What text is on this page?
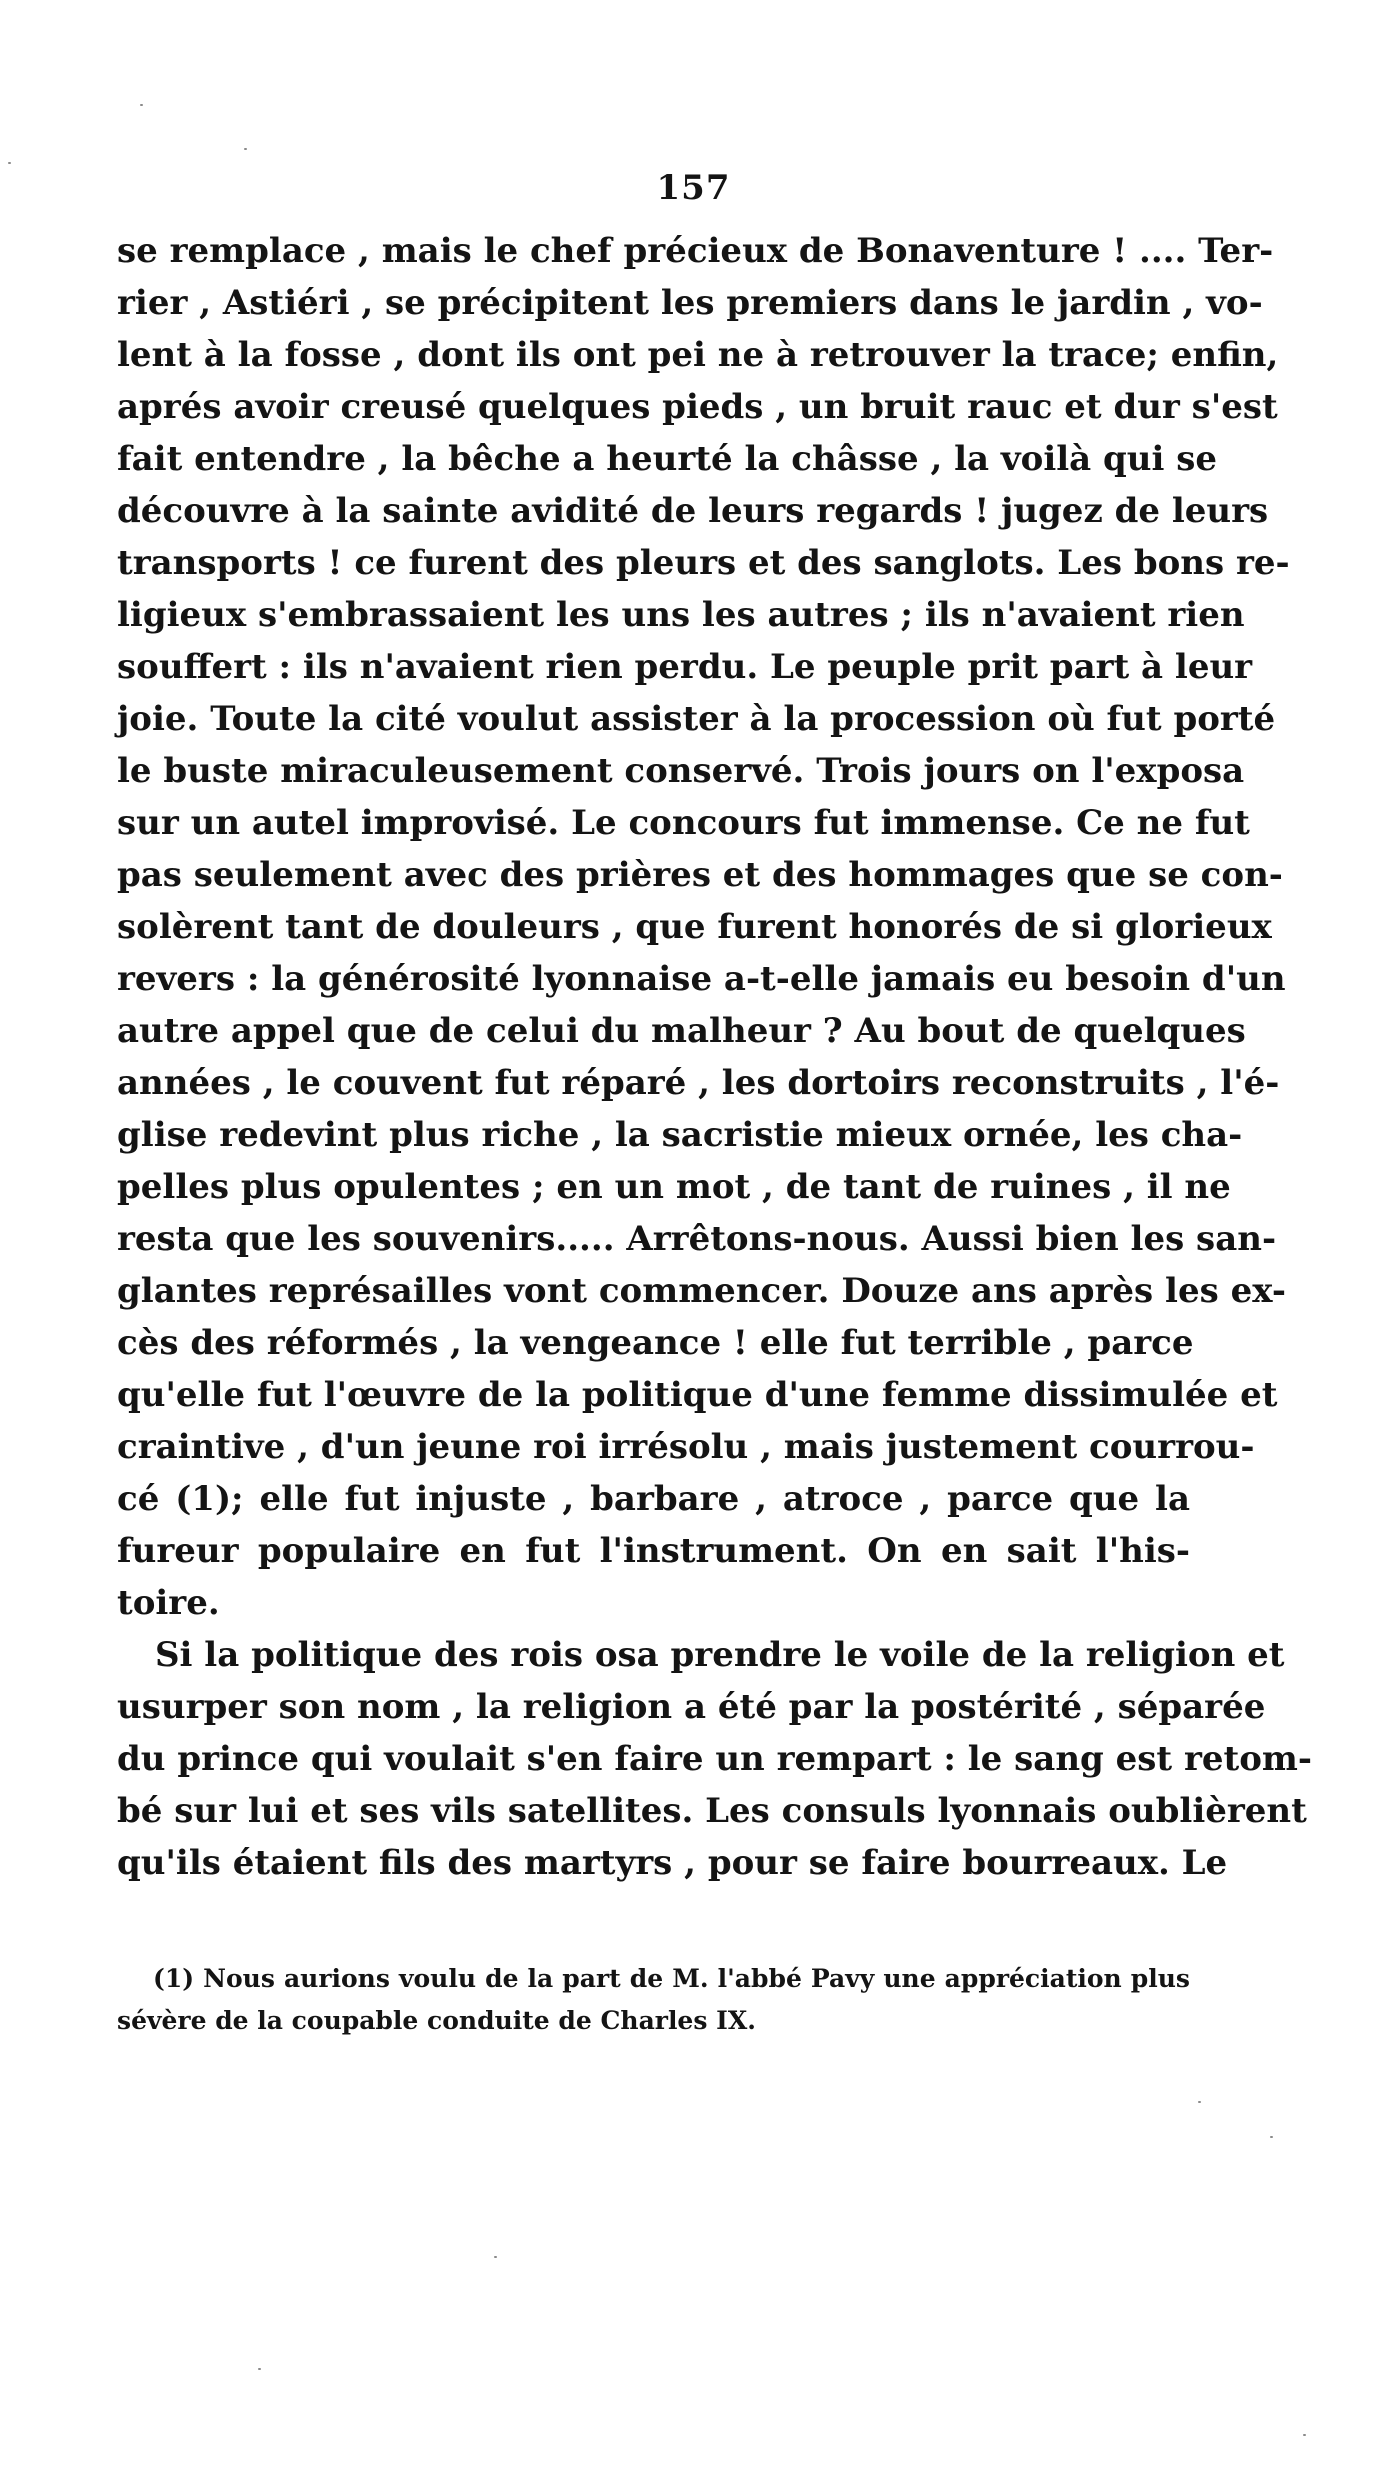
157
se remplace , mais le chef précieux de Bonaventure ! .... Ter-
rier , Astiéri , se précipitent les premiers dans le jardin , vo-
lent à la fosse , dont ils ont pei ne à retrouver la trace; enfin,
aprés avoir creusé quelques pieds , un bruit rauc et dur s'est
fait entendre , la bêche a heurté la châsse , la voilà qui se
découvre à la sainte avidité de leurs regards ! jugez de leurs
transports ! ce furent des pleurs et des sanglots. Les bons re-
ligieux s'embrassaient les uns les autres ; ils n'avaient rien
souffert : ils n'avaient rien perdu. Le peuple prit part à leur
joie. Toute la cité voulut assister à la procession où fut porté
le buste miraculeusement conservé. Trois jours on l'exposa
sur un autel improvisé. Le concours fut immense. Ce ne fut
pas seulement avec des prières et des hommages que se con-
solèrent tant de douleurs , que furent honorés de si glorieux
revers : la générosité lyonnaise a-t-elle jamais eu besoin d'un
autre appel que de celui du malheur ? Au bout de quelques
années , le couvent fut réparé , les dortoirs reconstruits , l'é-
glise redevint plus riche , la sacristie mieux ornée, les cha-
pelles plus opulentes ; en un mot , de tant de ruines , il ne
resta que les souvenirs..... Arrêtons-nous. Aussi bien les san-
glantes représailles vont commencer. Douze ans après les ex-
cès des réformés , la vengeance ! elle fut terrible , parce
qu'elle fut l'œuvre de la politique d'une femme dissimulée et
craintive , d'un jeune roi irrésolu , mais justement courrou-
cé (1); elle fut injuste , barbare , atroce , parce que la
fureur populaire en fut l'instrument. On en sait l'his-
toire.
Si la politique des rois osa prendre le voile de la religion et
usurper son nom , la religion a été par la postérité , séparée
du prince qui voulait s'en faire un rempart : le sang est retom-
bé sur lui et ses vils satellites. Les consuls lyonnais oublièrent
qu'ils étaient fils des martyrs , pour se faire bourreaux. Le
(1) Nous aurions voulu de la part de M. l'abbé Pavy une appréciation plus
sévère de la coupable conduite de Charles IX.
